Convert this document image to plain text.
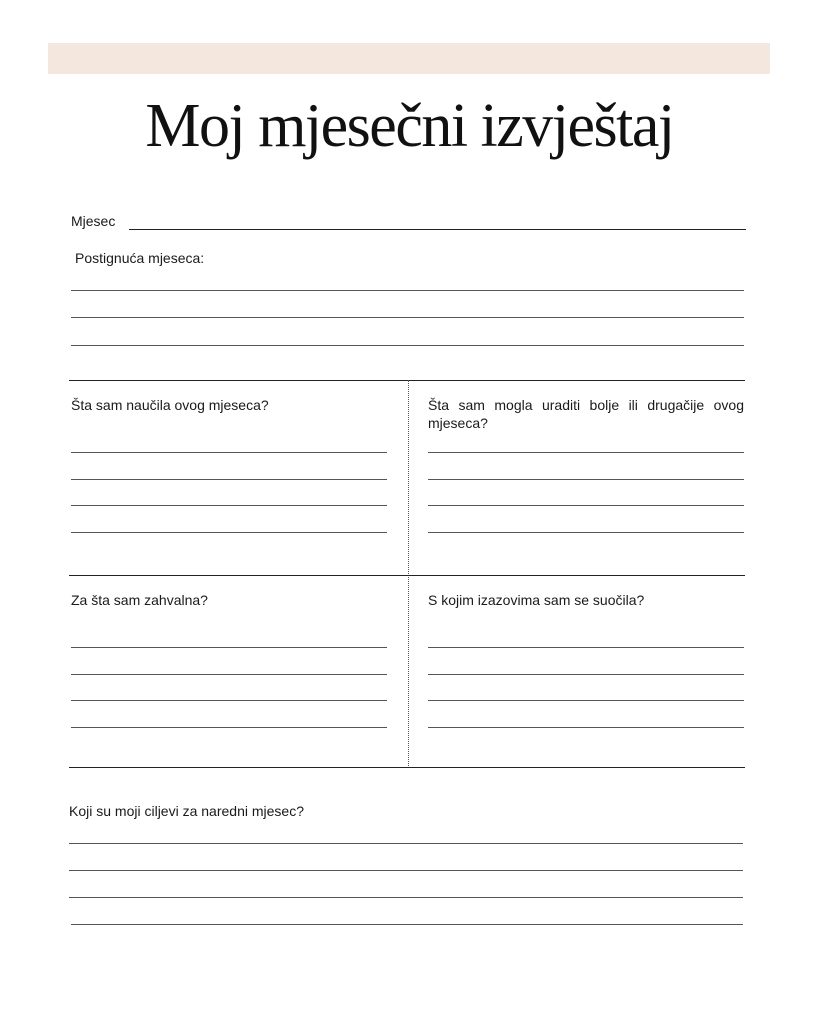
Moj mjesečni izvještaj
Mjesec
Postignuća mjeseca:
Šta sam naučila ovog mjeseca?	Šta sam mogla uraditi bolje ili drugačije ovog mjeseca?
Za šta sam zahvalna?	S kojim izazovima sam se suočila?
Koji su moji ciljevi za naredni mjesec?
